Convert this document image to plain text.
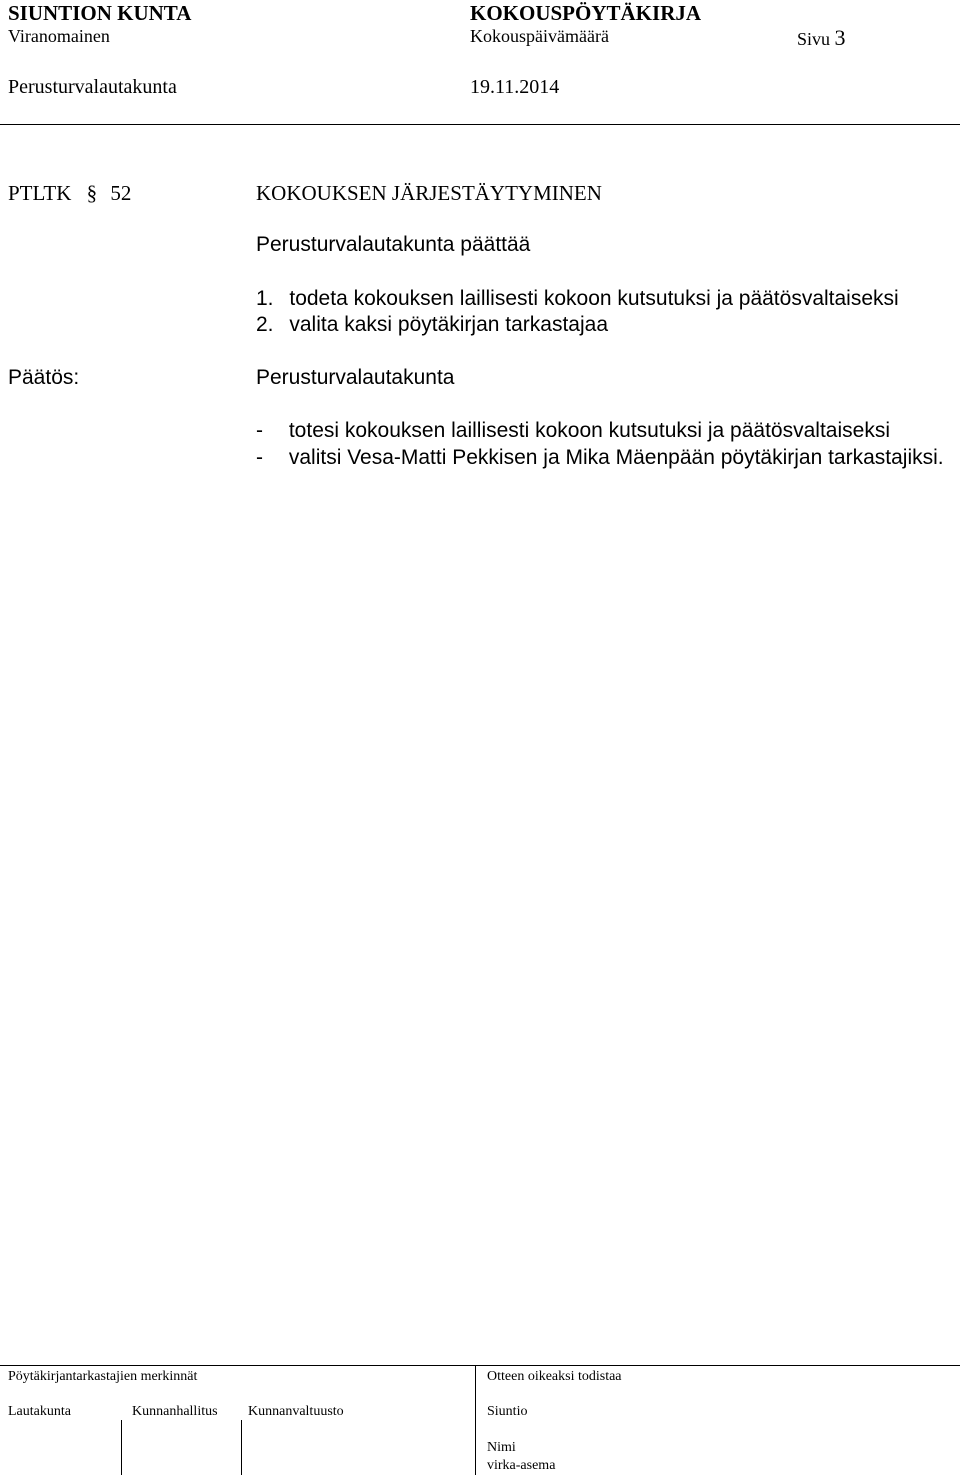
SIUNTION KUNTA	KOKOUSPÖYTÄKIRJA
Viranomainen	Kokouspäivämäärä	Sivu 3
Perusturvalautakunta	19.11.2014
PTLTK § 52	KOKOUKSEN JÄRJESTÄYTYMINEN
Perusturvalautakunta päättää
1. todeta kokouksen laillisesti kokoon kutsutuksi ja päätösvaltaiseksi
2. valita kaksi pöytäkirjan tarkastajaa
Päätös:	Perusturvalautakunta
- totesi kokouksen laillisesti kokoon kutsutuksi ja päätösvaltaiseksi
- valitsi Vesa-Matti Pekkisen ja Mika Mäenpään pöytäkirjan tarkastajiksi.
Pöytäkirjantarkastajien merkinnät	Otteen oikeaksi todistaa
Lautakunta	Kunnanhallitus Kunnanvaltuusto	Siuntio
Nimi
virka-asema
